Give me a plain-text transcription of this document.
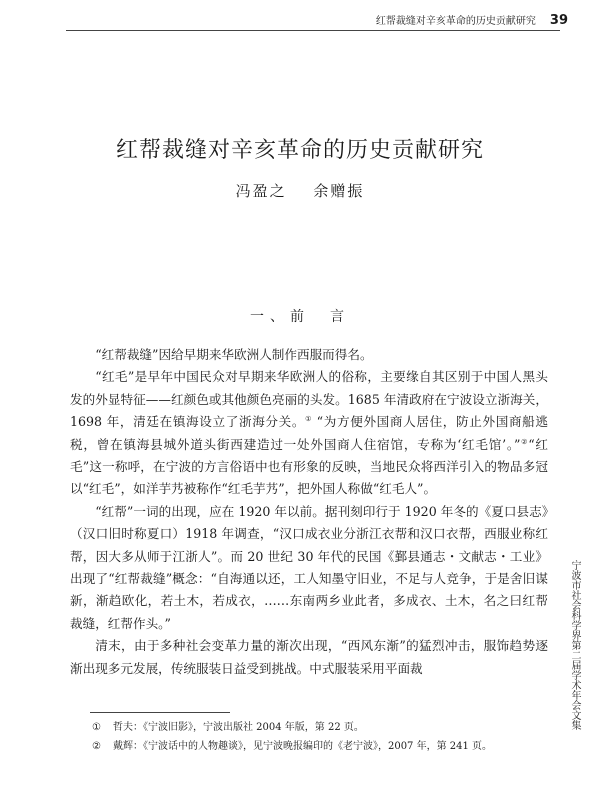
红帮裁缝对辛亥革命的历史贡献研究 39
红帮裁缝对辛亥革命的历史贡献研究
冯盈之 余赠振
一、前　言

“红帮裁缝”因给早期来华欧洲人制作西服而得名。

“红毛”是早年中国民众对早期来华欧洲人的俗称，主要缘自其区别于中国人黑头发的外显特征——红颜色或其他颜色亮丽的头发。1685 年清政府在宁波设立浙海关，1698 年，清廷在镇海设立了浙海分关。① “为方便外国商人居住，防止外国商船逃税，曾在镇海县城外道头街西建造过一处外国商人住宿馆，专称为‘红毛馆’。”②“红毛”这一称呼，在宁波的方言俗语中也有形象的反映，当地民众将西洋引入的物品多冠以“红毛”，如洋芋艿被称作“红毛芋艿”，把外国人称做“红毛人”。

“红帮”一词的出现，应在 1920 年以前。据刊刻印行于 1920 年冬的《夏口县志》（汉口旧时称夏口）1918 年调查，“汉口成衣业分浙江衣帮和汉口衣帮，西服业称红帮，因大多从师于江浙人”。而 20 世纪 30 年代的民国《鄞县通志・文献志・工业》出现了“红帮裁缝”概念：“自海通以还，工人知墨守旧业，不足与人竞争，于是舍旧谋新，渐趋欧化，若土木，若成衣，……东南两乡业此者，多成衣、土木，名之曰红帮裁缝，红帮作头。”

清末，由于多种社会变革力量的渐次出现，“西风东渐”的猛烈冲击，服饰趋势逐渐出现多元发展，传统服装日益受到挑战。中式服装采用平面裁	宁波市社会科学界第二届学术年会文集
① 哲夫：《宁波旧影》，宁波出版社 2004 年版，第 22 页。
② 戴辉：《宁波话中的人物趣谈》，见宁波晚报编印的《老宁波》，2007 年，第 241 页。
